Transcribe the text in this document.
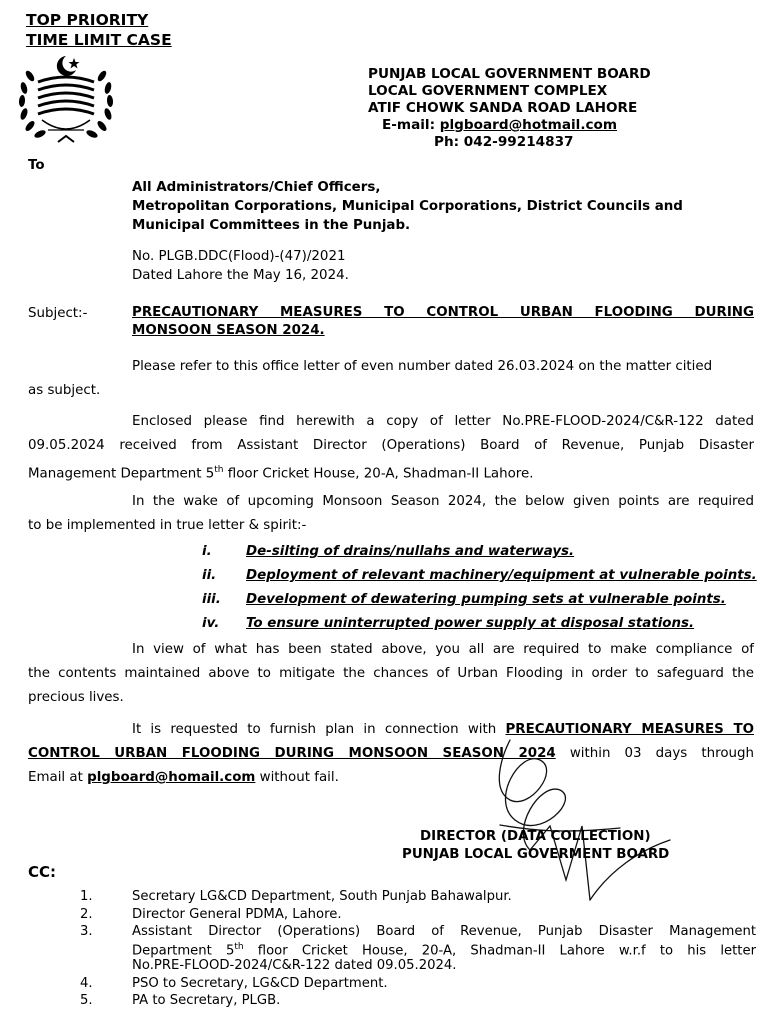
TOP PRIORITY
TIME LIMIT CASE
PUNJAB LOCAL GOVERNMENT BOARD
LOCAL GOVERNMENT COMPLEX
ATIF CHOWK SANDA ROAD LAHORE
E-mail: plgboard@hotmail.com
Ph: 042-99214837
To
All Administrators/Chief Officers,
Metropolitan Corporations, Municipal Corporations, District Councils and
Municipal Committees in the Punjab.
No. PLGB.DDC(Flood)-(47)/2021
Dated Lahore the May 16, 2024.
Subject:-	PRECAUTIONARY MEASURES TO CONTROL URBAN FLOODING DURING
MONSOON SEASON 2024.
Please refer to this office letter of even number dated 26.03.2024 on the matter citied
as subject.
Enclosed please find herewith a copy of letter No.PRE-FLOOD-2024/C&R-122 dated
09.05.2024 received from Assistant Director (Operations) Board of Revenue, Punjab Disaster
Management Department 5th floor Cricket House, 20-A, Shadman-II Lahore.
In the wake of upcoming Monsoon Season 2024, the below given points are required
to be implemented in true letter & spirit:-
i.	De-silting of drains/nullahs and waterways.
ii.	Deployment of relevant machinery/equipment at vulnerable points.
iii.	Development of dewatering pumping sets at vulnerable points.
iv.	To ensure uninterrupted power supply at disposal stations.
In view of what has been stated above, you all are required to make compliance of
the contents maintained above to mitigate the chances of Urban Flooding in order to safeguard the
precious lives.
It is requested to furnish plan in connection with PRECAUTIONARY MEASURES TO
CONTROL URBAN FLOODING DURING MONSOON SEASON 2024 within 03 days through
Email at plgboard@homail.com without fail.
DIRECTOR (DATA COLLECTION)
PUNJAB LOCAL GOVERMENT BOARD
CC:
1.	Secretary LG&CD Department, South Punjab Bahawalpur.
2.	Director General PDMA, Lahore.
3.	Assistant Director (Operations) Board of Revenue, Punjab Disaster Management
Department 5th floor Cricket House, 20-A, Shadman-II Lahore w.r.f to his letter
No.PRE-FLOOD-2024/C&R-122 dated 09.05.2024.
4.	PSO to Secretary, LG&CD Department.
5.	PA to Secretary, PLGB.
